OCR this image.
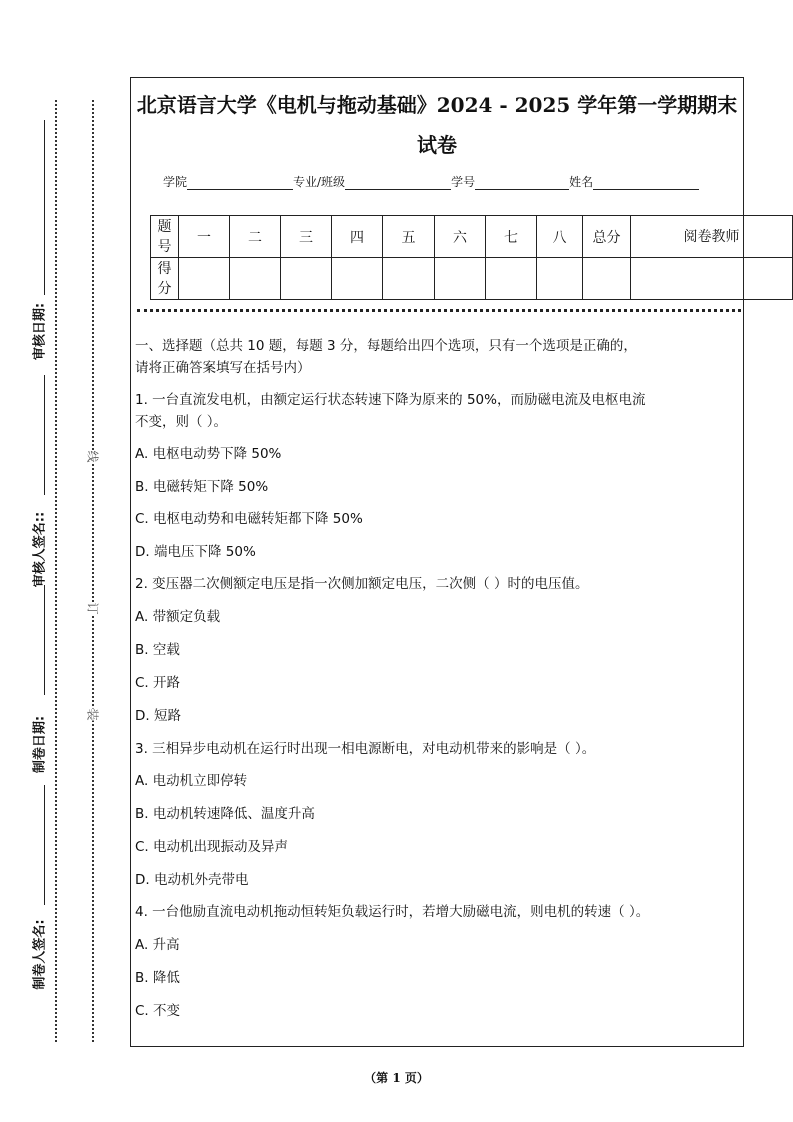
审核日期:
审核人签名::
制卷日期:
制卷人签名:
线
订
装
北京语言大学《电机与拖动基础》2024 - 2025 学年第一学期期末
试卷
学院	专业/班级	学号	姓名
题号	一	二	三	四	五	六	七	八	总分	阅卷教师
得分										
一、选择题（总共 10 题，每题 3 分，每题给出四个选项，只有一个选项是正确的，
请将正确答案填写在括号内）
1. 一台直流发电机，由额定运行状态转速下降为原来的 50%，而励磁电流及电枢电流
不变，则（ ）。
A. 电枢电动势下降 50%
B. 电磁转矩下降 50%
C. 电枢电动势和电磁转矩都下降 50%
D. 端电压下降 50%
2. 变压器二次侧额定电压是指一次侧加额定电压，二次侧（ ）时的电压值。
A. 带额定负载
B. 空载
C. 开路
D. 短路
3. 三相异步电动机在运行时出现一相电源断电，对电动机带来的影响是（ ）。
A. 电动机立即停转
B. 电动机转速降低、温度升高
C. 电动机出现振动及异声
D. 电动机外壳带电
4. 一台他励直流电动机拖动恒转矩负载运行时，若增大励磁电流，则电机的转速（ ）。
A. 升高
B. 降低
C. 不变
（第 1 页）
